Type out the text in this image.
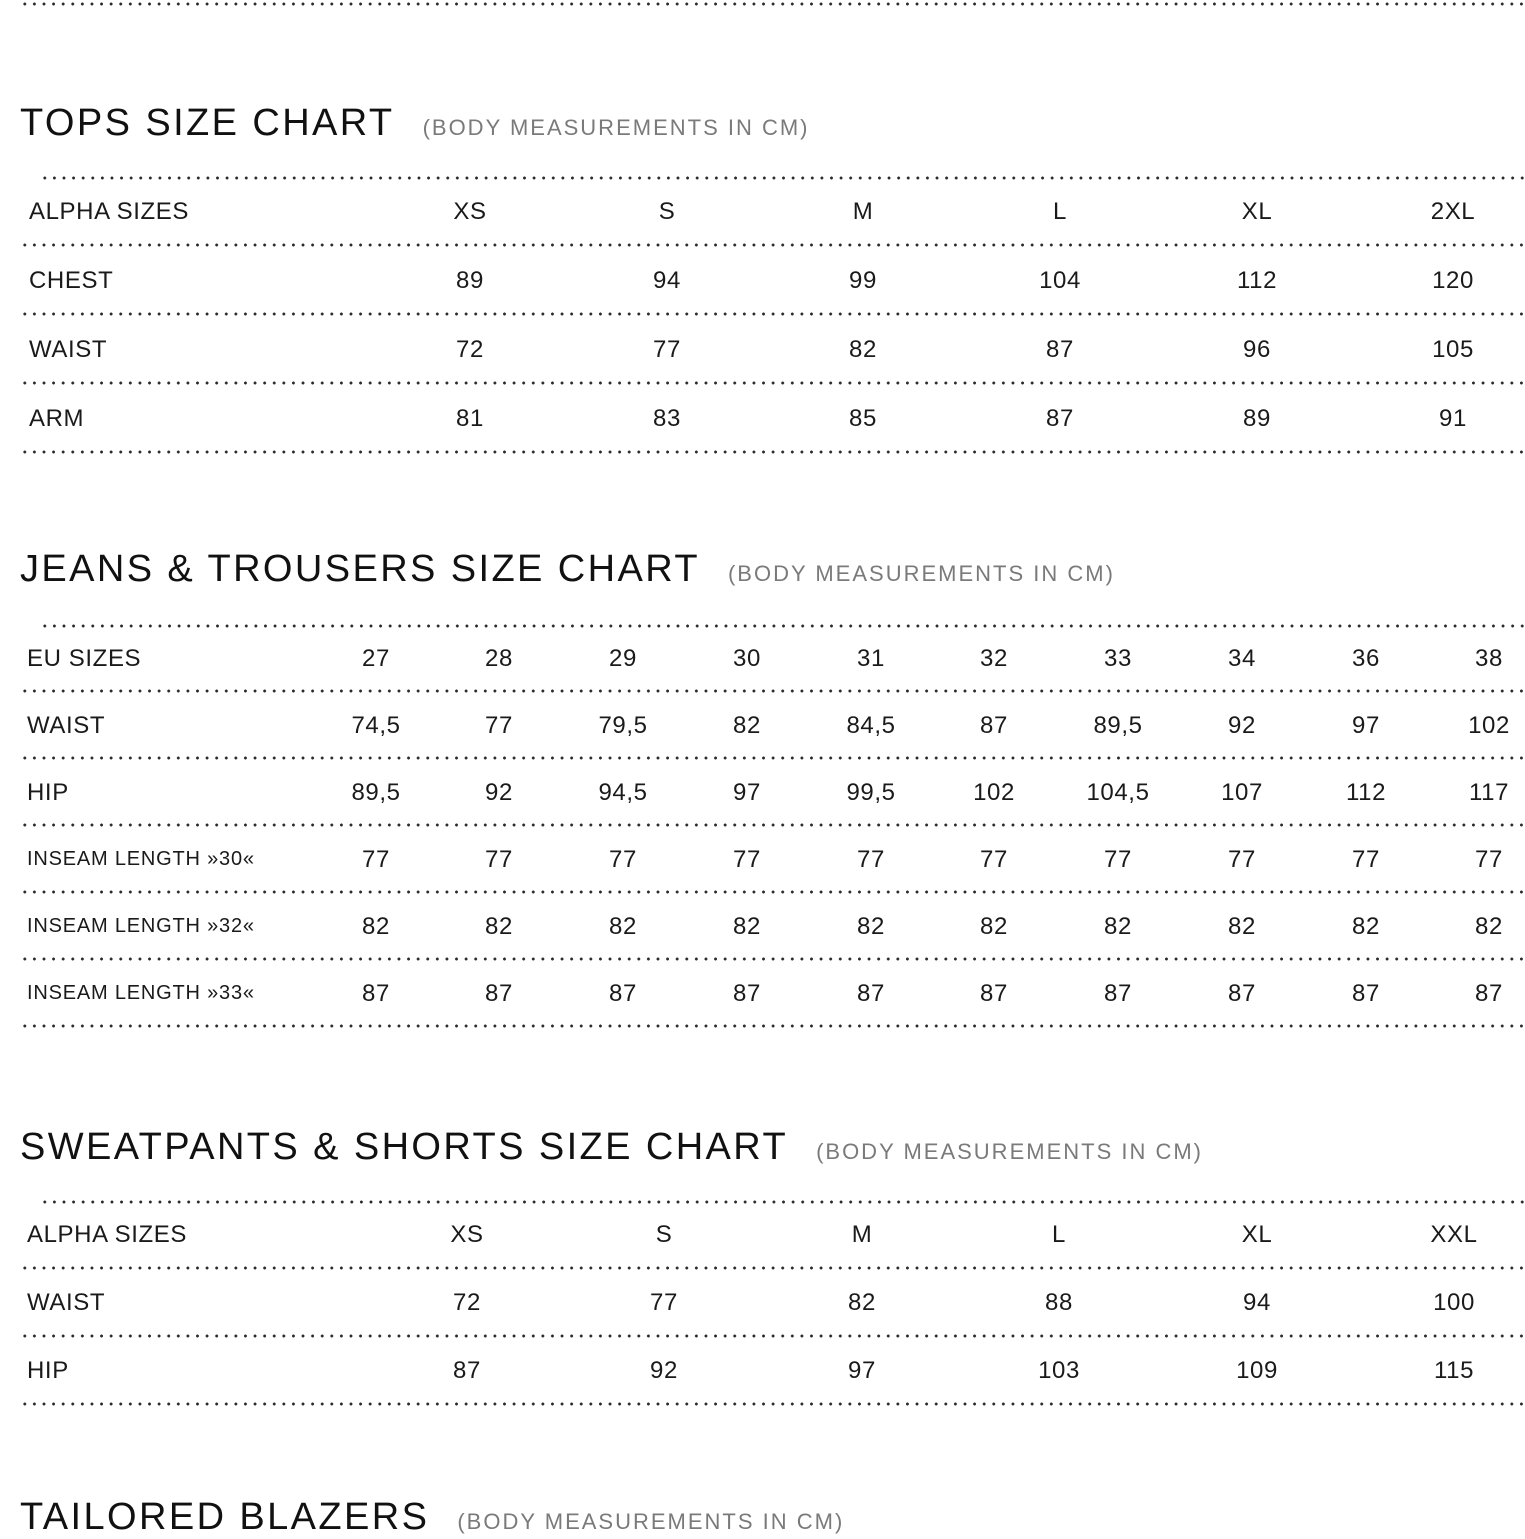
TOPS SIZE CHART (BODY MEASUREMENTS IN CM)
ALPHA SIZES	XS	S	M	L	XL	2XL
CHEST	89	94	99	104	112	120
WAIST	72	77	82	87	96	105
ARM	81	83	85	87	89	91
JEANS & TROUSERS SIZE CHART (BODY MEASUREMENTS IN CM)
EU SIZES	27	28	29	30	31	32	33	34	36	38
WAIST	74,5	77	79,5	82	84,5	87	89,5	92	97	102
HIP	89,5	92	94,5	97	99,5	102	104,5	107	112	117
INSEAM LENGTH »30«	77	77	77	77	77	77	77	77	77	77
INSEAM LENGTH »32«	82	82	82	82	82	82	82	82	82	82
INSEAM LENGTH »33«	87	87	87	87	87	87	87	87	87	87
SWEATPANTS & SHORTS SIZE CHART (BODY MEASUREMENTS IN CM)
ALPHA SIZES	XS	S	M	L	XL	XXL
WAIST	72	77	82	88	94	100
HIP	87	92	97	103	109	115
TAILORED BLAZERS (BODY MEASUREMENTS IN CM)
